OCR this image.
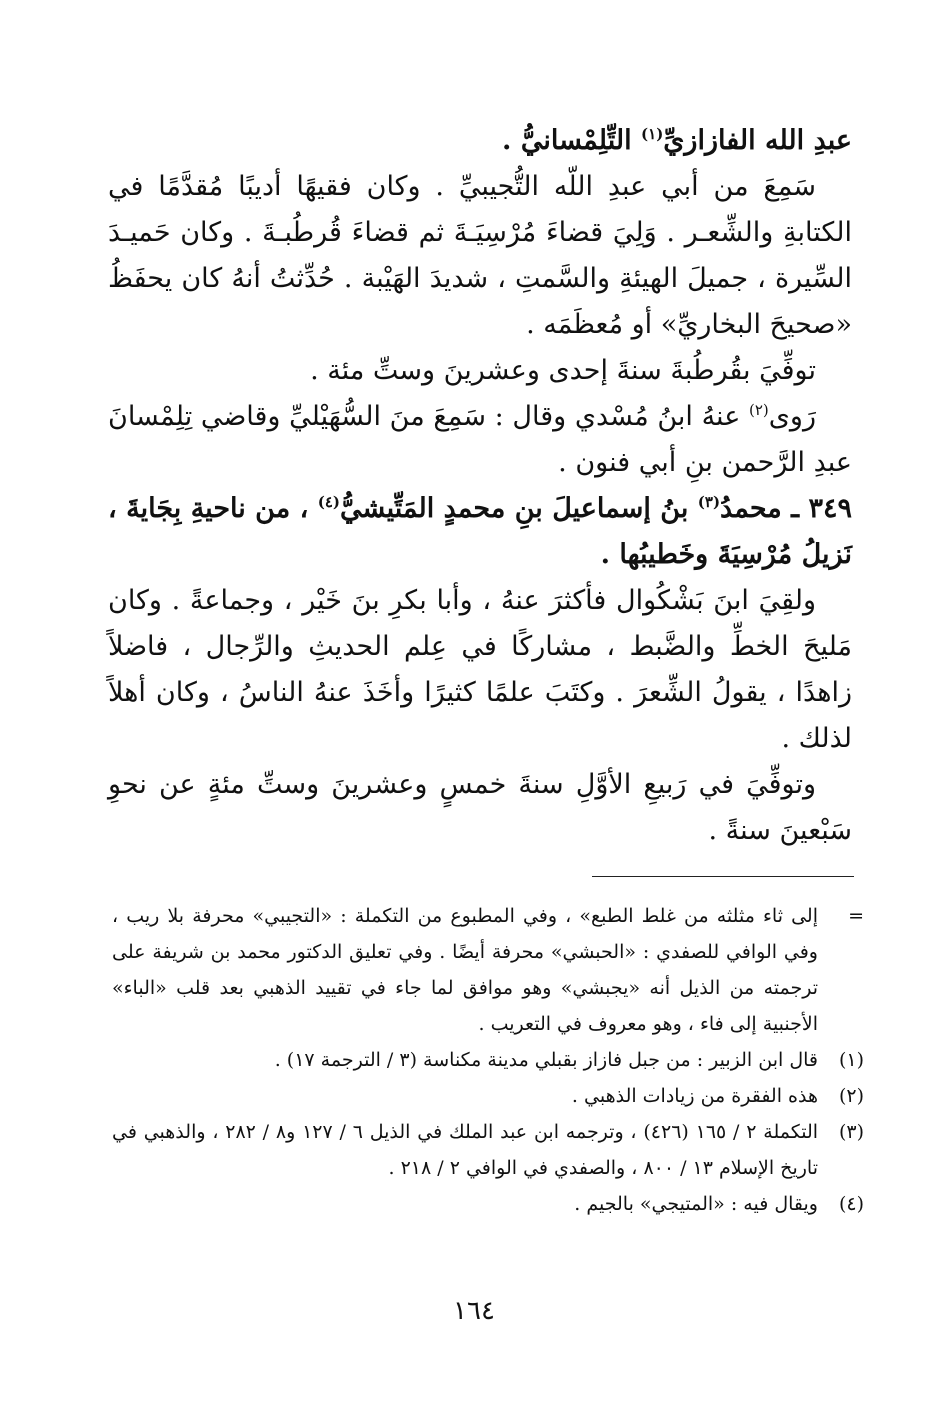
عبدِ الله الفازازيِّ$^{(١)}$ التِّلِمْسانيُّ .

سَمِعَ من أبي عبدِ اللّه التُّجيبيِّ . وكان فقيهًا أديبًا مُقدَّمًا في الكتابةِ والشِّعـر . وَلِيَ قضاءَ مُرْسِيَـةَ ثم قضاءَ قُرطُبـةَ . وكان حَميـدَ السِّيرة ، جميلَ الهيئةِ والسَّمتِ ، شديدَ الهَيْبة . حُدِّثتُ أنهُ كان يحفَظُ «صحيحَ البخاريِّ» أو مُعظَمَه .

توفِّيَ بقُرطُبةَ سنةَ إحدى وعشرينَ وستِّ مئة .

رَوى$^{(٢)}$ عنهُ ابنُ مُسْدي وقال : سَمِعَ منَ السُّهَيْليِّ وقاضي تِلِمْسانَ عبدِ الرَّحمن بنِ أبي فنون .

٣٤٩ ـ محمدُ$^{(٣)}$ بنُ إسماعيلَ بنِ محمدٍ المَتِّيشيُّ$^{(٤)}$ ، من ناحيةِ بِجَايةَ ، نَزيلُ مُرْسِيَةَ وخَطيبُها .

ولقِيَ ابنَ بَشْكُوال فأكثرَ عنهُ ، وأبا بكرِ بنَ خَيْر ، وجماعةً . وكان مَليحَ الخطِّ والضَّبط ، مشاركًا في عِلم الحديثِ والرِّجال ، فاضلاً زاهدًا ، يقولُ الشِّعرَ . وكتَبَ علمًا كثيرًا وأخَذَ عنهُ الناسُ ، وكان أهلاً لذلك .

وتوفِّيَ في رَبيعِ الأوَّلِ سنةَ خمسٍ وعشرينَ وستِّ مئةٍ عن نحوِ سَبْعينَ سنةً .

=
إلى ثاء مثلثه من غلط الطبع» ، وفي المطبوع من التكملة : «التجيبي» محرفة بلا ريب ، وفي الوافي للصفدي : «الحبشي» محرفة أيضًا . وفي تعليق الدكتور محمد بن شريفة على ترجمته من الذيل أنه «يجبشي» وهو موافق لما جاء في تقييد الذهبي بعد قلب «الباء» الأجنبية إلى فاء ، وهو معروف في التعريب .
(١)
قال ابن الزبير : من جبل فازاز بقبلي مدينة مكناسة (٣ / الترجمة ١٧) .
(٢)
هذه الفقرة من زيادات الذهبي .
(٣)
التكملة ٢ / ١٦٥ (٤٢٦) ، وترجمه ابن عبد الملك في الذيل ٦ / ١٢٧ و٨ / ٢٨٢ ، والذهبي في تاريخ الإسلام ١٣ / ٨٠٠ ، والصفدي في الوافي ٢ / ٢١٨ .
(٤)
ويقال فيه : «المتيجي» بالجيم .
١٦٤
